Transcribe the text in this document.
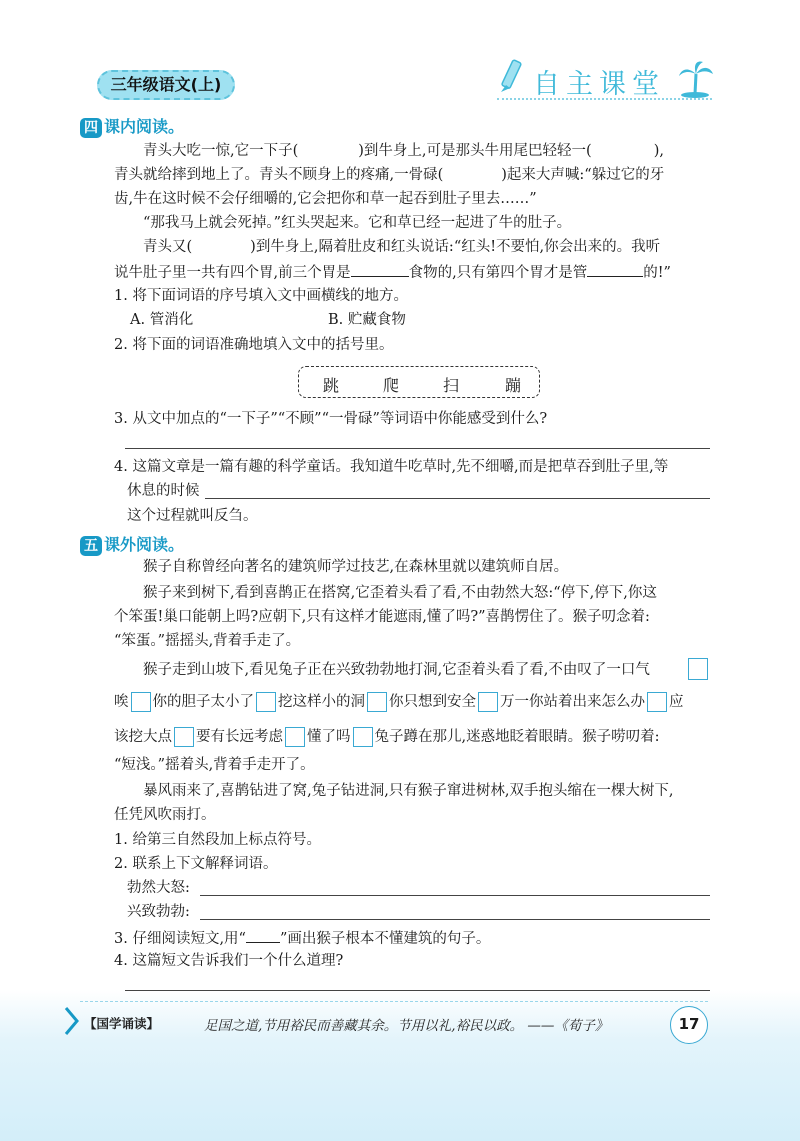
三年级语文(上)	自主课堂
四 课内阅读。
青头大吃一惊,它一下子(	)到牛身上,可是那头牛用尾巴轻轻一(	),
青头就给摔到地上了。青头不顾身上的疼痛,一骨碌(	)起来大声喊:“躲过它的牙
齿,牛在这时候不会仔细嚼的,它会把你和草一起吞到肚子里去……”
“那我马上就会死掉。”红头哭起来。它和草已经一起进了牛的肚子。
青头又(	)到牛身上,隔着肚皮和红头说话:“红头!不要怕,你会出来的。我听
说牛肚子里一共有四个胃,前三个胃是	食物的,只有第四个胃才是管	的!”
1. 将下面词语的序号填入文中画横线的地方。
A. 管消化	B. 贮藏食物
2. 将下面的词语准确地填入文中的括号里。
跳	爬	扫	蹦
3. 从文中加点的“一下子”“不顾”“一骨碌”等词语中你能感受到什么?
4. 这篇文章是一篇有趣的科学童话。我知道牛吃草时,先不细嚼,而是把草吞到肚子里,等
休息的时候
这个过程就叫反刍。
五 课外阅读。
猴子自称曾经向著名的建筑师学过技艺,在森林里就以建筑师自居。
猴子来到树下,看到喜鹊正在搭窝,它歪着头看了看,不由勃然大怒:“停下,停下,你这
个笨蛋!巢口能朝上吗?应朝下,只有这样才能遮雨,懂了吗?”喜鹊愣住了。猴子叨念着:
“笨蛋。”摇摇头,背着手走了。
猴子走到山坡下,看见兔子正在兴致勃勃地打洞,它歪着头看了看,不由叹了一口气
唉 你的胆子太小了 挖这样小的洞 你只想到安全 万一你站着出来怎么办 应
该挖大点 要有长远考虑 懂了吗 兔子蹲在那儿,迷惑地眨着眼睛。猴子唠叨着:
“短浅。”摇着头,背着手走开了。
暴风雨来了,喜鹊钻进了窝,兔子钻进洞,只有猴子窜进树林,双手抱头缩在一棵大树下,
任凭风吹雨打。
1. 给第三自然段加上标点符号。
2. 联系上下文解释词语。
勃然大怒:
兴致勃勃:
3. 仔细阅读短文,用“ ”画出猴子根本不懂建筑的句子。
4. 这篇短文告诉我们一个什么道理?
【国学诵读】	足国之道,节用裕民而善藏其余。节用以礼,裕民以政。 ——《荀子》	17
